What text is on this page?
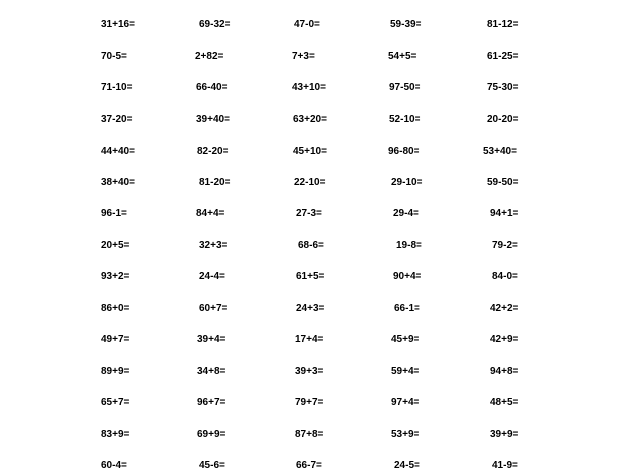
31+16=	69-32=	47-0=	59-39=	81-12=
70-5=	2+82=	7+3=	54+5=	61-25=
71-10=	66-40=	43+10=	97-50=	75-30=
37-20=	39+40=	63+20=	52-10=	20-20=
44+40=	82-20=	45+10=	96-80=	53+40=
38+40=	81-20=	22-10=	29-10=	59-50=
96-1=	84+4=	27-3=	29-4=	94+1=
20+5=	32+3=	68-6=	19-8=	79-2=
93+2=	24-4=	61+5=	90+4=	84-0=
86+0=	60+7=	24+3=	66-1=	42+2=
49+7=	39+4=	17+4=	45+9=	42+9=
89+9=	34+8=	39+3=	59+4=	94+8=
65+7=	96+7=	79+7=	97+4=	48+5=
83+9=	69+9=	87+8=	53+9=	39+9=
60-4=	45-6=	66-7=	24-5=	41-9=
